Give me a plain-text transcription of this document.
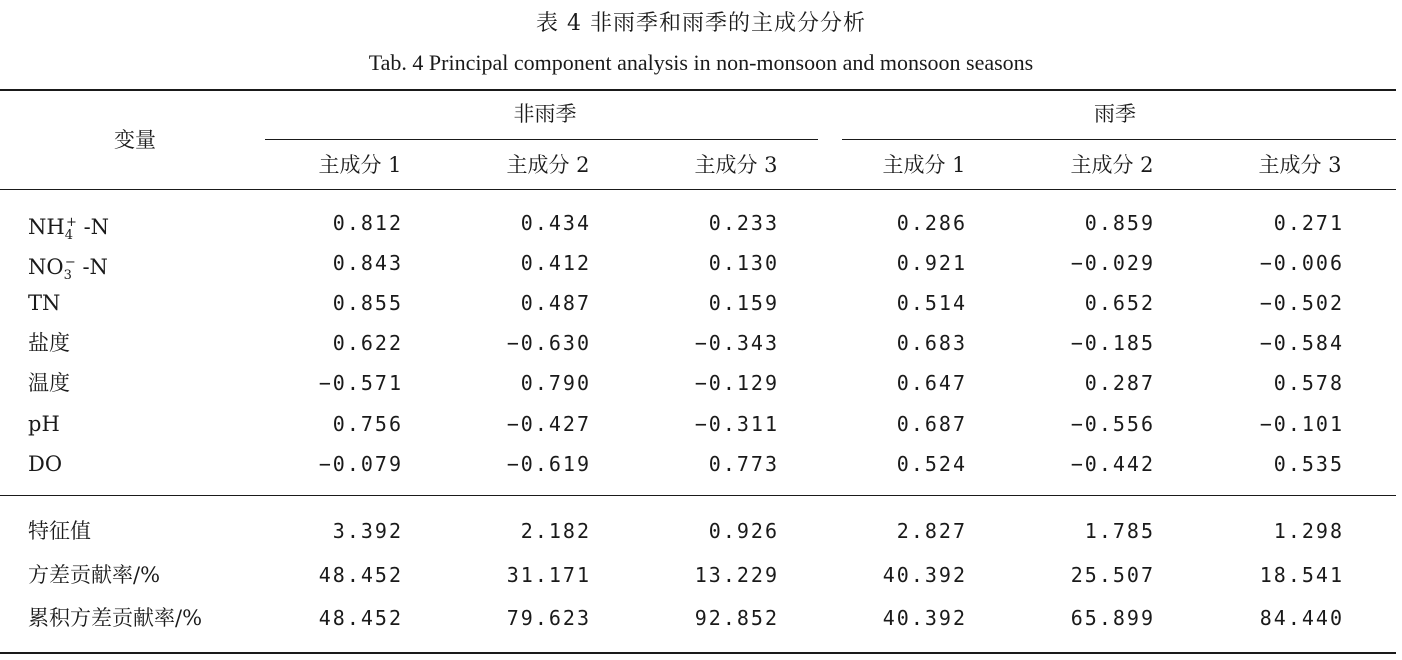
表 4 非雨季和雨季的主成分分析
Tab. 4 Principal component analysis in non-monsoon and monsoon seasons
变量
非雨季	雨季
主成分 1	主成分 2	主成分 3	主成分 1	主成分 2	主成分 3
$NH_4^+$ -N	0.812	0.434	0.233	0.286	0.859	0.271
$NO_3^-$ -N	0.843	0.412	0.130	0.921	−0.029	−0.006
TN	0.855	0.487	0.159	0.514	0.652	−0.502
盐度	0.622	−0.630	−0.343	0.683	−0.185	−0.584
温度	−0.571	0.790	−0.129	0.647	0.287	0.578
pH	0.756	−0.427	−0.311	0.687	−0.556	−0.101
DO	−0.079	−0.619	0.773	0.524	−0.442	0.535
特征值	3.392	2.182	0.926	2.827	1.785	1.298
方差贡献率/%	48.452	31.171	13.229	40.392	25.507	18.541
累积方差贡献率/%	48.452	79.623	92.852	40.392	65.899	84.440
